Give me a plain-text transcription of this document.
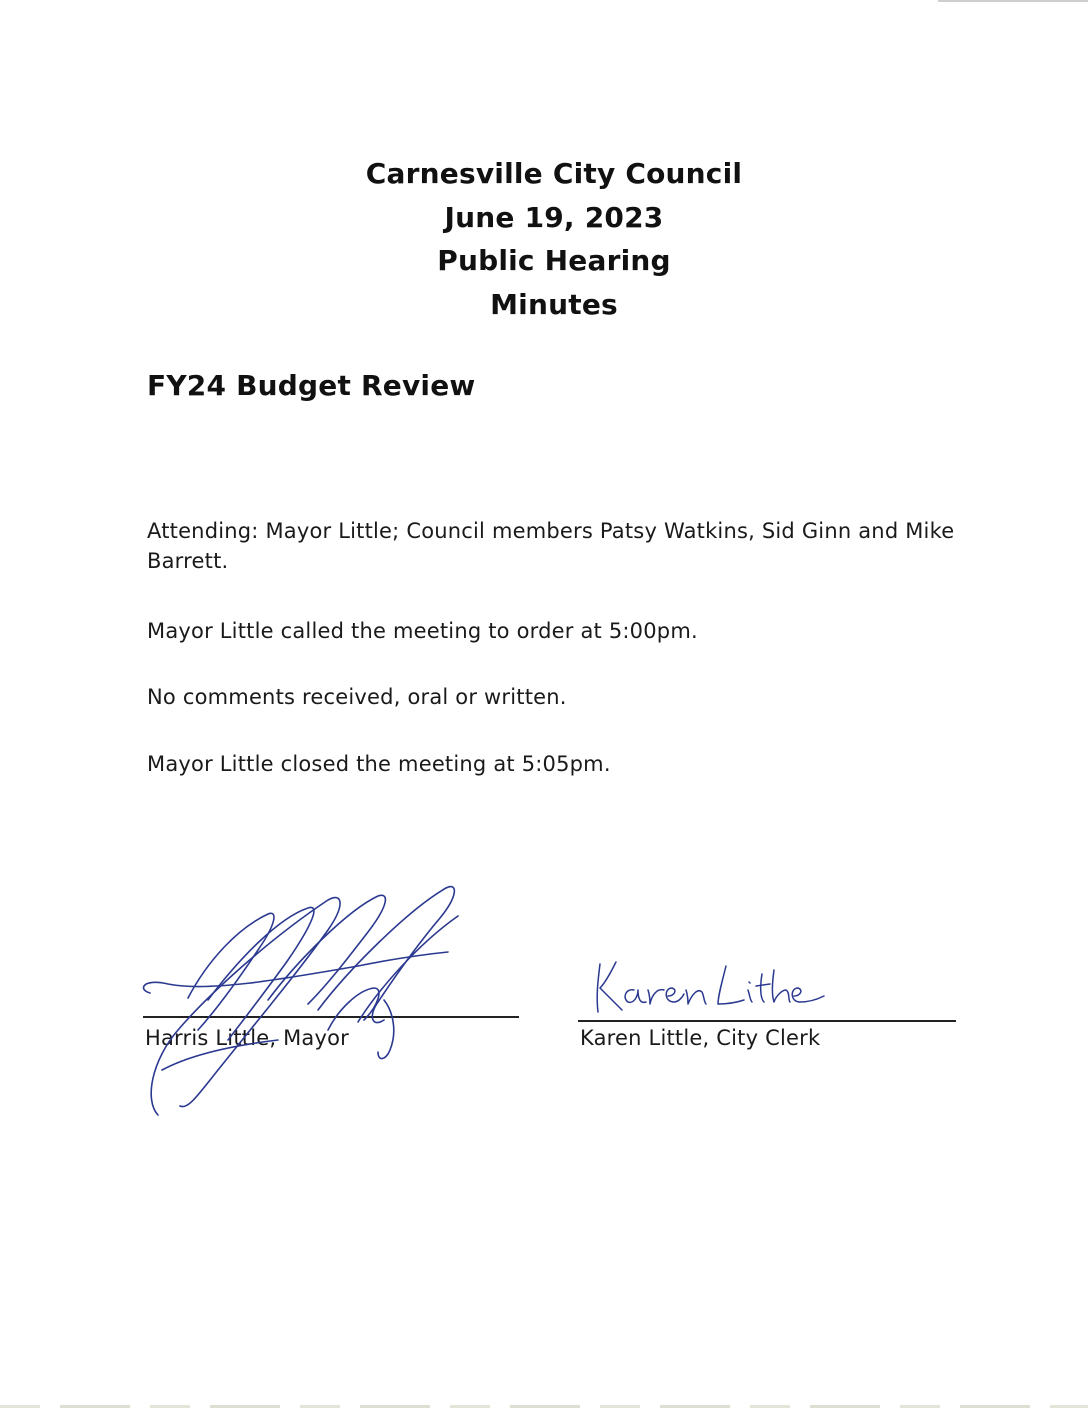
Carnesville City Council
June 19, 2023
Public Hearing
Minutes
FY24 Budget Review
Attending: Mayor Little; Council members Patsy Watkins, Sid Ginn and Mike Barrett.
Mayor Little called the meeting to order at 5:00pm.
No comments received, oral or written.
Mayor Little closed the meeting at 5:05pm.
Harris Little, Mayor	Karen Little, City Clerk
